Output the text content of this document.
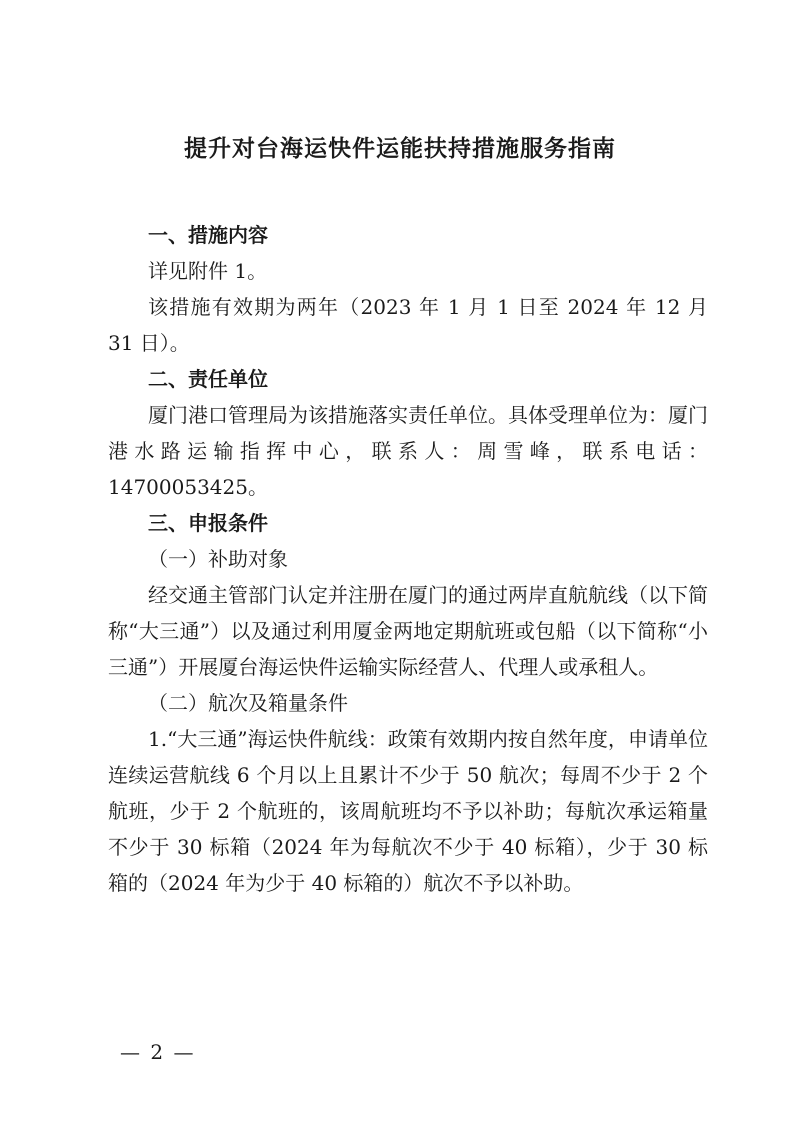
提升对台海运快件运能扶持措施服务指南

一、措施内容

详见附件 1。

该措施有效期为两年（2023 年 1 月 1 日至 2024 年 12 月 31 日）。

二、责任单位

厦门港口管理局为该措施落实责任单位。具体受理单位为：厦门港水路运输指挥中心，联系人：周雪峰，联系电话：14700053425。

三、申报条件

（一）补助对象

经交通主管部门认定并注册在厦门的通过两岸直航航线（以下简称“大三通”）以及通过利用厦金两地定期航班或包船（以下简称“小三通”）开展厦台海运快件运输实际经营人、代理人或承租人。

（二）航次及箱量条件

1.“大三通”海运快件航线：政策有效期内按自然年度，申请单位连续运营航线 6 个月以上且累计不少于 50 航次；每周不少于 2 个航班，少于 2 个航班的，该周航班均不予以补助；每航次承运箱量不少于 30 标箱（2024 年为每航次不少于 40 标箱），少于 30 标箱的（2024 年为少于 40 标箱的）航次不予以补助。

— 2 —
